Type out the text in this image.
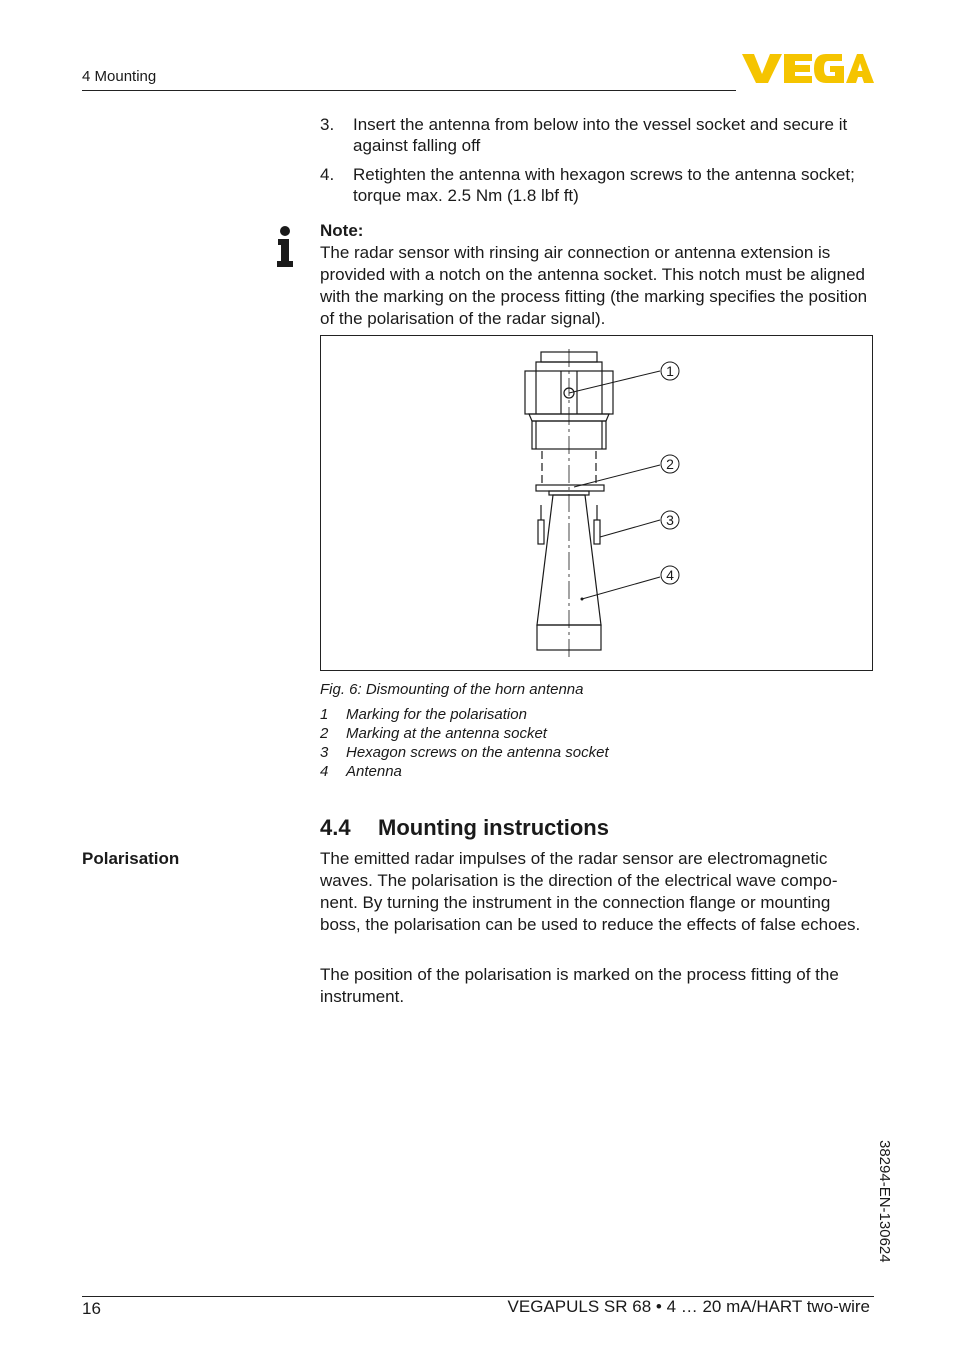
4 Mounting
3. Insert the antenna from below into the vessel socket and secure it against falling off
4. Retighten the antenna with hexagon screws to the antenna socket; torque max. 2.5 Nm (1.8 lbf ft)
Note:
The radar sensor with rinsing air connection or antenna extension is provided with a notch on the antenna socket. This notch must be aligned with the marking on the process fitting (the marking specifies the position of the polarisation of the radar signal).
1
2
3
4
Fig. 6: Dismounting of the horn antenna
1 Marking for the polarisation
2 Marking at the antenna socket
3 Hexagon screws on the antenna socket
4 Antenna
4.4 Mounting instructions
Polarisation	The emitted radar impulses of the radar sensor are electromagnetic waves. The polarisation is the direction of the electrical wave compo-nent. By turning the instrument in the connection flange or mounting boss, the polarisation can be used to reduce the effects of false echoes.
The position of the polarisation is marked on the process fitting of the instrument.
38294-EN-130624
16	VEGAPULS SR 68 • 4 … 20 mA/HART two-wire
